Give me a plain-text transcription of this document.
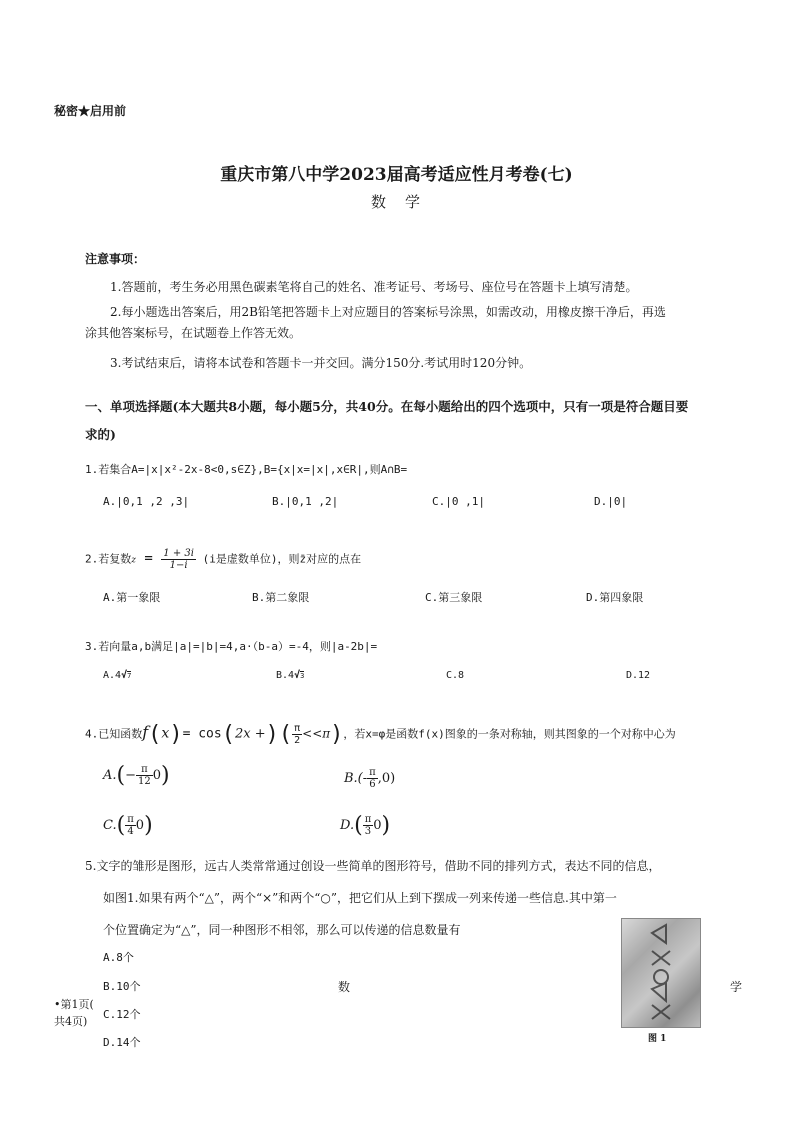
秘密★启用前
重庆市第八中学2023届高考适应性月考卷(七)
数　学
注意事项：
1.答题前，考生务必用黑色碳素笔将自己的姓名、准考证号、考场号、座位号在答题卡上填写清楚。
2.每小题选出答案后，用2B铅笔把答题卡上对应题目的答案标号涂黑，如需改动，用橡皮擦干净后，再选
涂其他答案标号，在试题卷上作答无效。
3.考试结束后，请将本试卷和答题卡一并交回。满分150分.考试用时120分钟。
一、单项选择题(本大题共8小题，每小题5分，共40分。在每小题给出的四个选项中，只有一项是符合题目要
求的)
1.若集合A=|x|x²-2x-8<0,s∈Z},B={x|x=|x|,x∈R|,则A∩B=
A.|0,1 ,2 ,3|	B.|0,1 ,2|	C.|0 ,1|	D.|0|
2.若复数$z = \frac{1 + 3i}{1-i} (i$是虚数单位)，则z̄对应的点在
A.第一象限	B.第二象限	C.第三象限	D.第四象限
3.若向量a,b满足|a|=|b|=4,a·（b-a）=-4，则|a-2b|=
A.4√7	B.4√3	C.8	D.12
4.已知函数f(x)= cos(2x +)( $\frac{\pi}{2} <<\pi$)，若x=φ是函数f(x)图象的一条对称轴，则其图象的一个对称中心为
$A.(- \frac{\pi}{12} 0)$	$B.(- \frac{\pi}{6} ,0)$
$C.( \frac{\pi}{4} 0)$	$D.( \frac{\pi}{3} 0)$
5.文字的雏形是图形，远古人类常常通过创设一些简单的图形符号，借助不同的排列方式，表达不同的信息，
如图1.如果有两个“△”，两个“×”和两个“○”，把它们从上到下摆成一列来传递一些信息.其中第一
个位置确定为“△”，同一种图形不相邻，那么可以传递的信息数量有
A.8个
B.10个
C.12个
D.14个	图 1
数	学
•第1页(
共4页)
